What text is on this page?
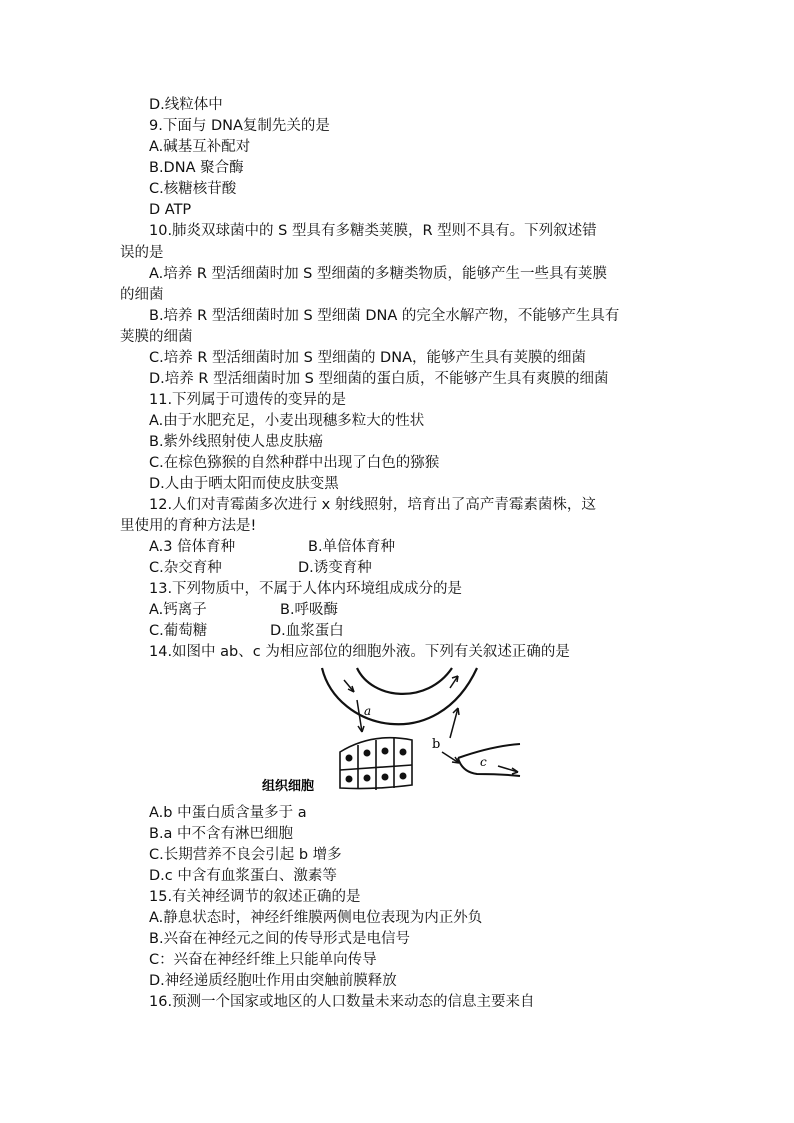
D.线粒体中
9.下面与 DNA复制先关的是
A.碱基互补配对
B.DNA 聚合酶
C.核糖核苷酸
D ATP
10.肺炎双球菌中的 S 型具有多糖类荚膜，R 型则不具有。下列叙述错
误的是
A.培养 R 型活细菌时加 S 型细菌的多糖类物质，能够产生一些具有荚膜
的细菌
B.培养 R 型活细菌时加 S 型细菌 DNA 的完全水解产物，不能够产生具有
荚膜的细菌
C.培养 R 型活细菌时加 S 型细菌的 DNA，能够产生具有荚膜的细菌
D.培养 R 型活细菌时加 S 型细菌的蛋白质，不能够产生具有爽膜的细菌
11.下列属于可遗传的变异的是
A.由于水肥充足，小麦出现穗多粒大的性状
B.紫外线照射使人患皮肤癌
C.在棕色猕猴的自然种群中出现了白色的猕猴
D.人由于晒太阳而使皮肤变黑
12.人们对青霉菌多次进行 x 射线照射，培育出了高产青霉素菌株，这
里使用的育种方法是!
A.3 倍体育种	B.单倍体育种
C.杂交育种	D.诱变育种
13.下列物质中，不属于人体内环境组成成分的是
A.钙离子	B.呼吸酶
C.葡萄糖	D.血浆蛋白
14.如图中 ab、c 为相应部位的细胞外液。下列有关叙述正确的是
a
组织细胞
b
c
A.b 中蛋白质含量多于 a
B.a 中不含有淋巴细胞
C.长期营养不良会引起 b 增多
D.c 中含有血浆蛋白、激素等
15.有关神经调节的叙述正确的是
A.静息状态时，神经纤维膜两侧电位表现为内正外负
B.兴奋在神经元之间的传导形式是电信号
C：兴奋在神经纤维上只能单向传导
D.神经递质经胞吐作用由突触前膜释放
16.预测一个国家或地区的人口数量未来动态的信息主要来自
